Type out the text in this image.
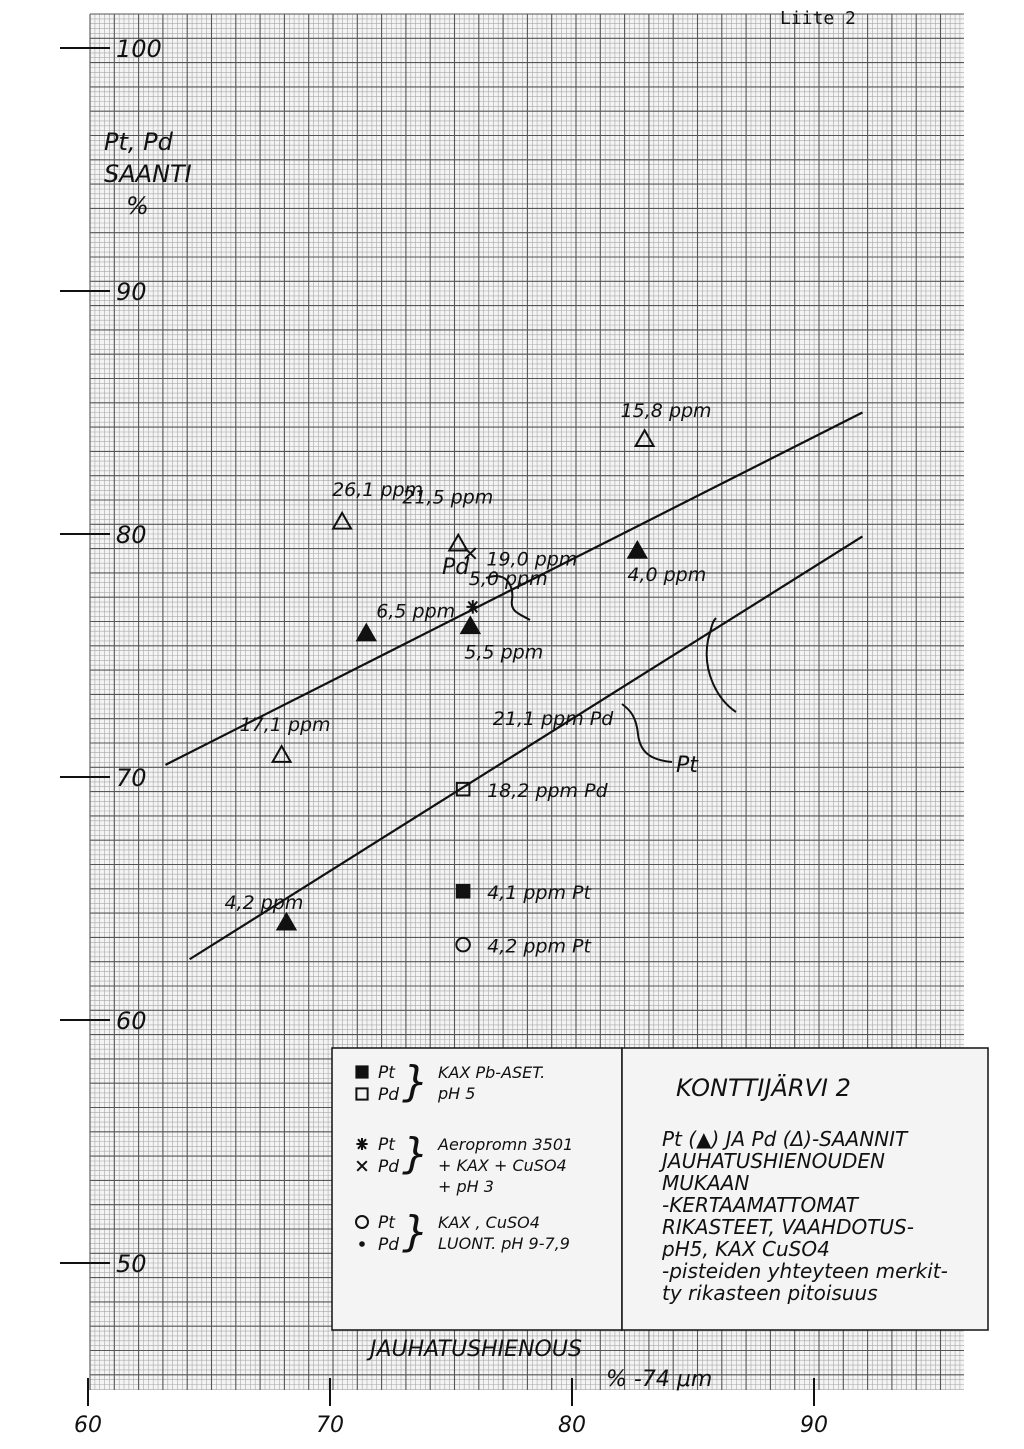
100
90
80
70
60
50
60	70	80	90
Pt, Pd
SAANTI
%
JAUHATUSHIENOUS
% -74 μm
Pd
Pt
17,1 ppm
26,1 ppm
21,5 ppm
15,8 ppm
4,2 ppm
6,5 ppm
5,5 ppm
4,0 ppm
5,0 ppm
19,0 ppm
21,1 ppm Pd
18,2 ppm Pd
4,1 ppm Pt
4,2 ppm Pt
Pt
Pd } KAX Pb-ASET.
pH 5
Pt
Pd } Aeropromn 3501
+ KAX + CuSO4
+ pH 3
Pt
Pd } KAX , CuSO4
LUONT. pH 9-7,9
KONTTIJÄRVI 2
Pt (▲) JA Pd (Δ)-SAANNIT
JAUHATUSHIENOUDEN
MUKAAN
-KERTAAMATTOMAT
RIKASTEET, VAAHDOTUS-
pH5, KAX CuSO4
-pisteiden yhteyteen merkit-
ty rikasteen pitoisuus
Liite 2
